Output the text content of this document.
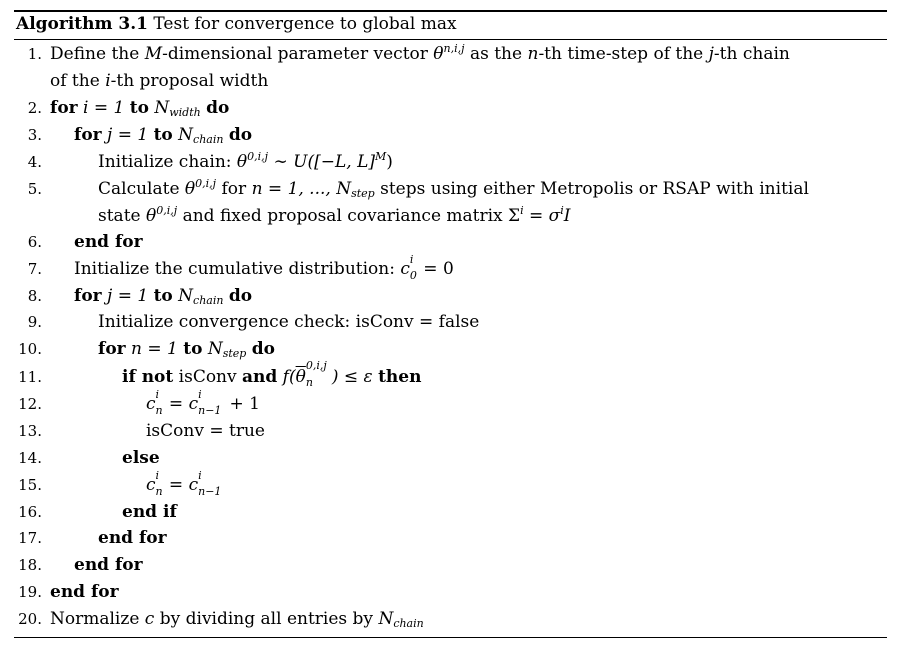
Algorithm 3.1 Test for convergence to global max
1. Define the M-dimensional parameter vector $\theta^{n,i,j}$ as the n-th time-step of the j-th chain
of the i-th proposal width
2. for i = 1 to $N_{width}$ do
3. for j = 1 to $N_{chain}$ do
4.	Initialize chain: $\theta^{0,i,j}$ ∼ U([−L, L]$^M$)
5.	Calculate $\theta^{0,i,j}$ for n = 1, ..., $N_{step}$ steps using either Metropolis or RSAP with initial
state $\theta^{0,i,j}$ and fixed proposal covariance matrix $\Sigma^i = \sigma^iI$
6. end for
7. Initialize the cumulative distribution: c i
0 = 0
8. for j = 1 to $N_{chain}$ do
9.	Initialize convergence check: isConv = false
10.	for n = 1 to $N_{step}$ do
11.	if not isConv and $f(\overline{\theta}$
0,i,j
n ) ≤ ε then
12.	c i
n = c i
n−1 + 1
13.	isConv = true
14.	else
15.	c i
n = c i
n−1
16.	end if
17.	end for
18. end for
19. end for
20. Normalize c by dividing all entries by $N_{chain}$
